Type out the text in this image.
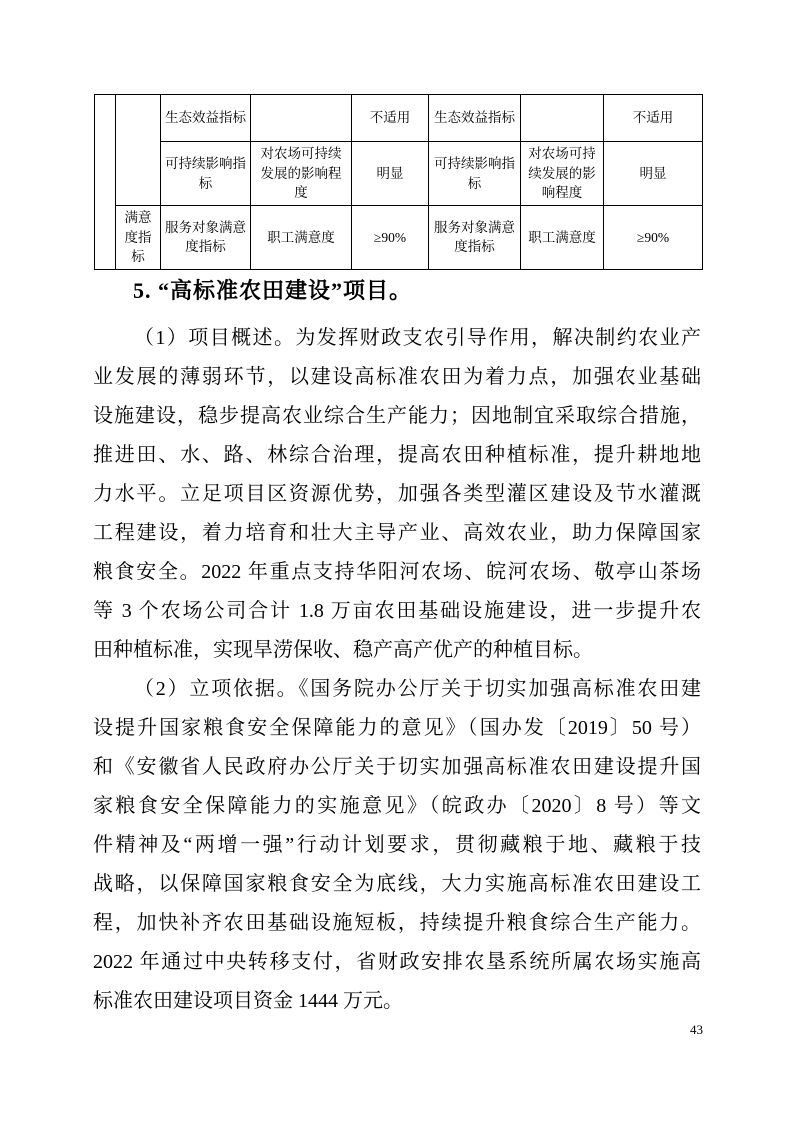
		生态效益指标		不适用	生态效益指标		不适用
		可持续影响指标	对农场可持续发展的影响程度	明显	可持续影响指标	对农场可持续发展的影响程度	明显
	满意度指标	服务对象满意度指标	职工满意度	≥90%	服务对象满意度指标	职工满意度	≥90%
5. “高标准农田建设”项目。
（1）项目概述。为发挥财政支农引导作用，解决制约农业产
业发展的薄弱环节，以建设高标准农田为着力点，加强农业基础
设施建设，稳步提高农业综合生产能力；因地制宜采取综合措施，
推进田、水、路、林综合治理，提高农田种植标准，提升耕地地
力水平。立足项目区资源优势，加强各类型灌区建设及节水灌溉
工程建设，着力培育和壮大主导产业、高效农业，助力保障国家
粮食安全。2022 年重点支持华阳河农场、皖河农场、敬亭山茶场
等 3 个农场公司合计 1.8 万亩农田基础设施建设，进一步提升农
田种植标准，实现旱涝保收、稳产高产优产的种植目标。
（2）立项依据。《国务院办公厅关于切实加强高标准农田建
设提升国家粮食安全保障能力的意见》（国办发〔2019〕50 号）
和《安徽省人民政府办公厅关于切实加强高标准农田建设提升国
家粮食安全保障能力的实施意见》（皖政办〔2020〕8 号）等文
件精神及“两增一强”行动计划要求，贯彻藏粮于地、藏粮于技
战略，以保障国家粮食安全为底线，大力实施高标准农田建设工
程，加快补齐农田基础设施短板，持续提升粮食综合生产能力。
2022 年通过中央转移支付，省财政安排农垦系统所属农场实施高
标准农田建设项目资金 1444 万元。
43
